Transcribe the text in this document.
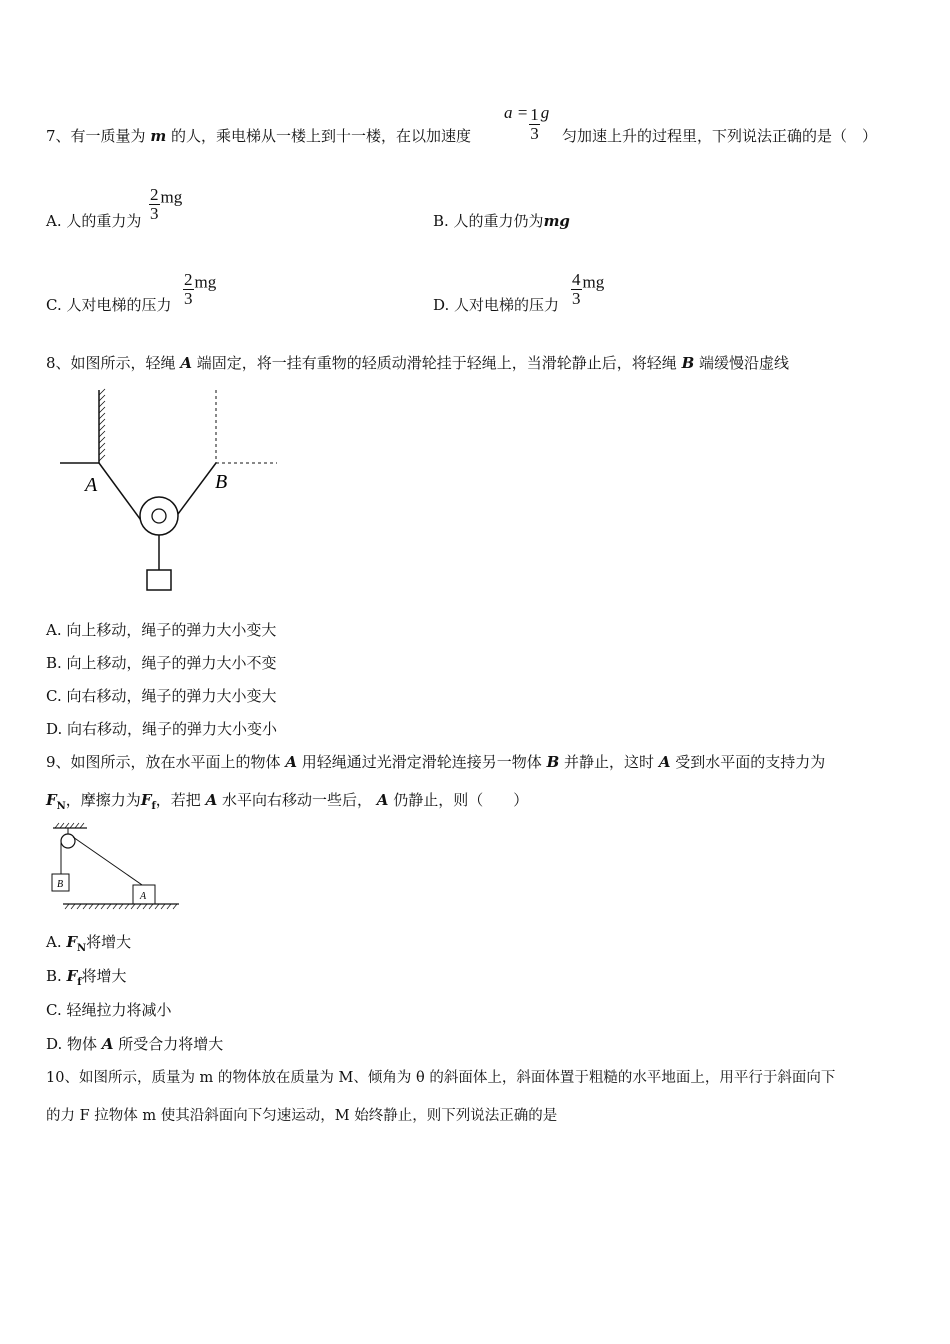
7、有一质量为 m 的人，乘电梯从一楼上到十一楼，在以加速度
$a = \frac{1}{3}$ g
匀加速上升的过程里，下列说法正确的是（　）
A. 人的重力为 $\frac{2}{3}$ mg
B. 人的重力仍为mg
C. 人对电梯的压力 $\frac{2}{3}$ mg
D. 人对电梯的压力 $\frac{4}{3}$ mg
8、如图所示，轻绳 A 端固定，将一挂有重物的轻质动滑轮挂于轻绳上，当滑轮静止后，将轻绳 B 端缓慢沿虚线
A	B
A. 向上移动，绳子的弹力大小变大
B. 向上移动，绳子的弹力大小不变
C. 向右移动，绳子的弹力大小变大
D. 向右移动，绳子的弹力大小变小
9、如图所示，放在水平面上的物体 A 用轻绳通过光滑定滑轮连接另一物体 B 并静止，这时 A 受到水平面的支持力为
$F_N$，摩擦力为$F_f$，若把 A 水平向右移动一些后， A 仍静止，则（　　）
B
A
A. $F_N$将增大
B. $F_f$将增大
C. 轻绳拉力将减小
D. 物体 A 所受合力将增大
10、如图所示，质量为 m 的物体放在质量为 M、倾角为 θ 的斜面体上，斜面体置于粗糙的水平地面上，用平行于斜面向下
的力 F 拉物体 m 使其沿斜面向下匀速运动，M 始终静止，则下列说法正确的是
